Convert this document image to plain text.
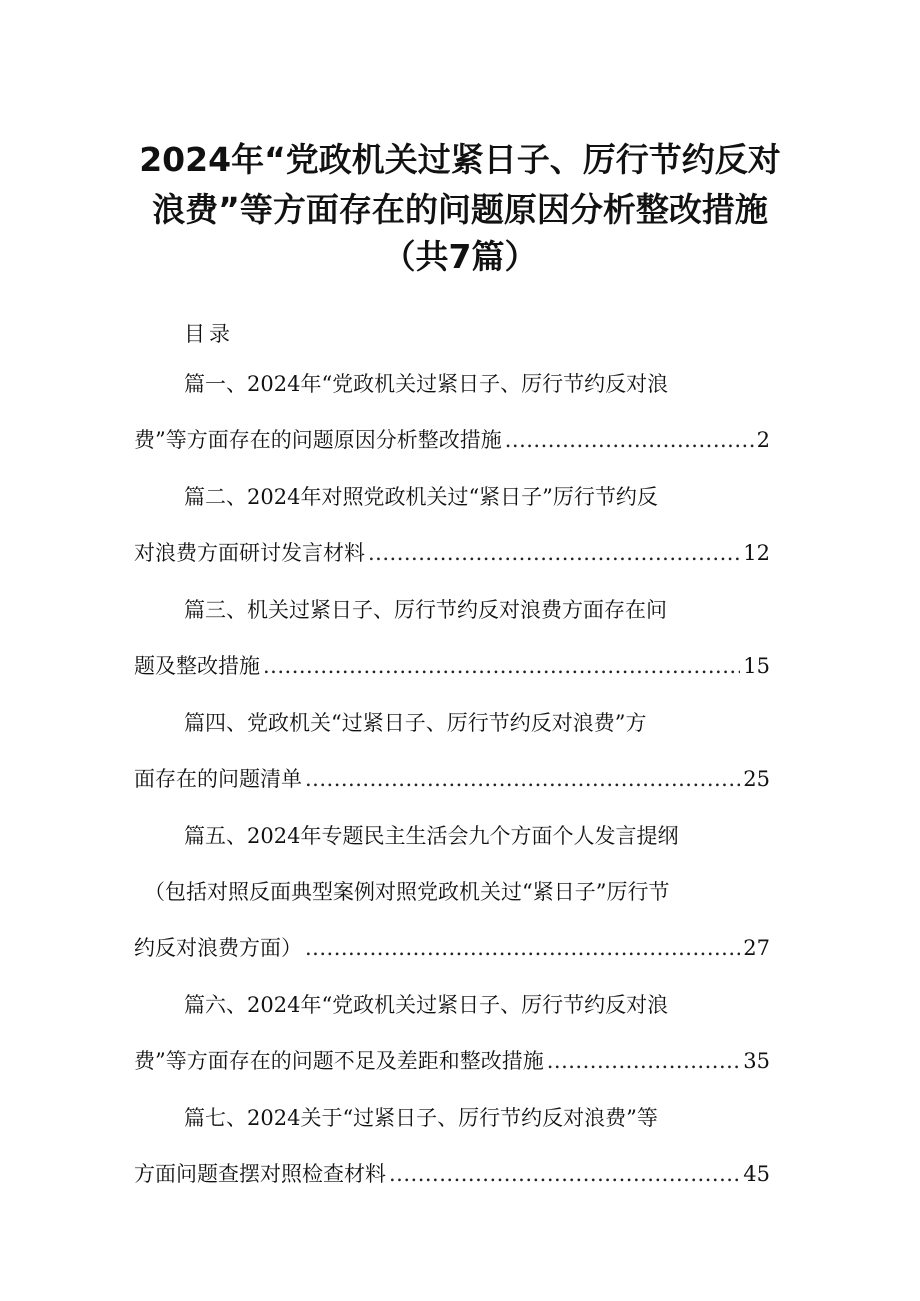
2024年“党政机关过紧日子、厉行节约反对
浪费”等方面存在的问题原因分析整改措施
（共7篇）
目录
篇一、2024年“党政机关过紧日子、厉行节约反对浪
费”等方面存在的问题原因分析整改措施 .....	2
篇二、2024年对照党政机关过“紧日子”厉行节约反
对浪费方面研讨发言材料 .....	12
篇三、机关过紧日子、厉行节约反对浪费方面存在问
题及整改措施 .....	15
篇四、党政机关“过紧日子、厉行节约反对浪费”方
面存在的问题清单 .....	25
篇五、2024年专题民主生活会九个方面个人发言提纲
（包括对照反面典型案例对照党政机关过“紧日子”厉行节
约反对浪费方面） .....	27
篇六、2024年“党政机关过紧日子、厉行节约反对浪
费”等方面存在的问题不足及差距和整改措施 .....	35
篇七、2024关于“过紧日子、厉行节约反对浪费”等
方面问题查摆对照检查材料 .....	45
